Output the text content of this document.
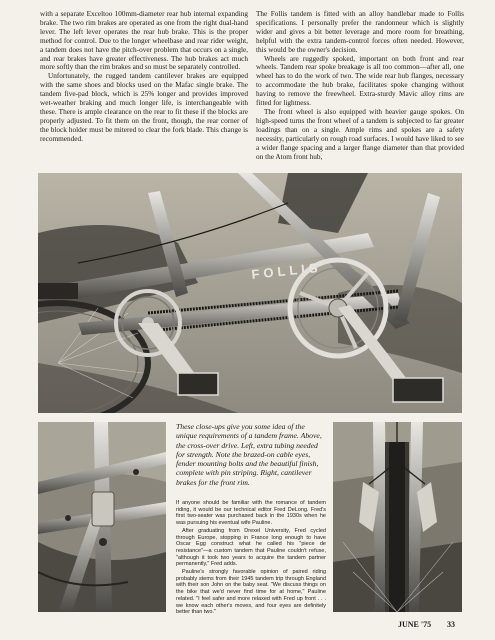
with a separate Exceltoo 100mm-diameter rear hub internal expanding brake. The two rim brakes are operated as one from the right dual-hand lever. The left lever operates the rear hub brake. This is the proper method for control. Due to the longer wheelbase and rear rider weight, a tandem does not have the pitch-over problem that occurs on a single, and rear brakes have greater effectiveness. The hub brakes act much more softly than the rim brakes and so must be separately controlled.

Unfortunately, the rugged tandem cantilever brakes are equipped with the same shoes and blocks used on the Mafac single brake. The tandem five-pad block, which is 25% longer and provides improved wet-weather braking and much longer life, is interchangeable with these. There is ample clearance on the rear to fit these if the blocks are properly adjusted. To fit them on the front, though, the rear corner of the block holder must be mitered to clear the fork blade. This change is recommended.

The Follis tandem is fitted with an alloy handlebar made to Follis specifications. I personally prefer the randonneur which is slightly wider and gives a bit better leverage and more room for breathing, helpful with the extra tandem-control forces often needed. However, this would be the owner's decision.

Wheels are ruggedly spoked, important on both front and rear wheels. Tandem rear spoke breakage is all too common—after all, one wheel has to do the work of two. The wide rear hub flanges, necessary to accommodate the hub brake, facilitates spoke changing without having to remove the freewheel. Extra-sturdy Mavic alloy rims are fitted for lightness.

The front wheel is also equipped with heavier gauge spokes. On high-speed turns the front wheel of a tandem is subjected to far greater loadings than on a single. Ample rims and spokes are a safety necessity, particularly on rough road surfaces. I would have liked to see a wider flange spacing and a larger flange diameter than that provided on the Atom front hub,

FOLLIS
These close-ups give you some idea of the unique requirements of a tandem frame. Above, the cross-over drive. Left, extra tubing needed for strength. Note the brazed-on cable eyes, fender mounting bolts and the beautiful finish, complete with pin striping. Right, cantilever brakes for the front rim.

If anyone should be familiar with the romance of tandem riding, it would be our technical editor Fred DeLong. Fred's first two-seater was purchased back in the 1930s when he was pursuing his eventual wife Pauline.

After graduating from Drexel University, Fred cycled through Europe, stopping in France long enough to have Oscar Egg construct what he called his "piece de resistance"—a custom tandem that Pauline couldn't refuse, "although it took two years to acquire the tandem partner permanently," Fred adds.

Pauline's strongly favorable opinion of paired riding probably stems from their 1945 tandem trip through England with their son John on the baby seat. "We discuss things on the bike that we'd never find time for at home," Pauline related. "I feel safer and more relaxed with Fred up front . . . we know each other's moves, and four eyes are definitely better than two."

JUNE '75 33
